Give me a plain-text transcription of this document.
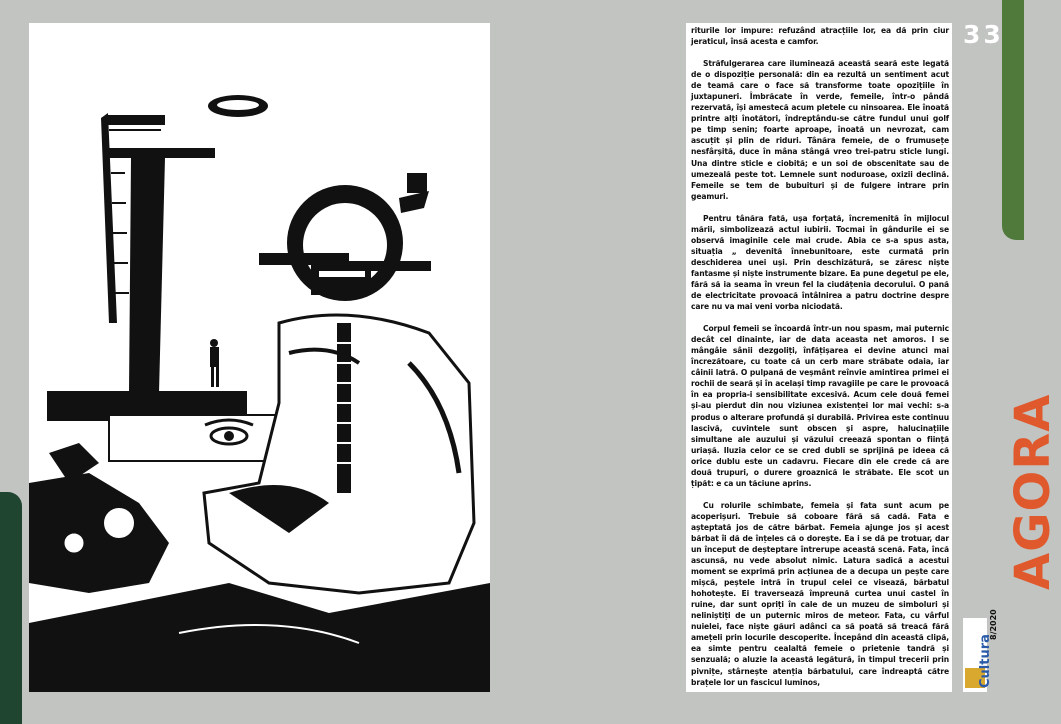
riturile lor impure: refuzând atracțiile lor, ea dă prin ciur jeraticul, însă acesta e camfor.

Străfulgerarea care iluminează această seară este legată de o dispoziție personală: din ea rezultă un sentiment acut de teamă care o face să transforme toate opozițiile în juxtapuneri. Îmbrăcate în verde, femeile, într-o pândă rezervată, își amestecă acum pletele cu ninsoarea. Ele înoată printre alți înotători, îndreptându-se către fundul unui golf pe timp senin; foarte aproape, înoată un nevrozat, cam ascuțit și plin de riduri. Tânăra femeie, de o frumusețe nesfârșită, duce în mâna stângă vreo trei-patru sticle lungi. Una dintre sticle e ciobită; e un soi de obscenitate sau de umezeală peste tot. Lemnele sunt noduroase, oxizii declină. Femeile se tem de bubuituri și de fulgere intrare prin geamuri.

Pentru tânăra fată, ușa forțată, încremenită în mijlocul mării, simbolizează actul iubirii. Tocmai în gândurile ei se observă imaginile cele mai crude. Abia ce s-a spus asta, situația „ devenită înnebunitoare, este curmată prin deschiderea unei uși. Prin deschizătură, se zăresc niște fantasme și niște instrumente bizare. Ea pune degetul pe ele, fără să ia seama în vreun fel la ciudățenia decorului. O pană de electricitate provoacă întâlnirea a patru doctrine despre care nu va mai veni vorba niciodată.

Corpul femeii se încoardă într-un nou spasm, mai puternic decât cel dinainte, iar de data aceasta net amoros. I se mângâie sânii dezgoliți, înfățișarea ei devine atunci mai încrezătoare, cu toate că un cerb mare străbate odaia, iar câinii latră. O pulpană de veșmânt reînvie amintirea primei ei rochii de seară și în același timp ravagiile pe care le provoacă în ea propria-i sensibilitate excesivă. Acum cele două femei și-au pierdut din nou viziunea existenței lor mai vechi: s-a produs o alterare profundă și durabilă. Privirea este continuu lascivă, cuvintele sunt obscen și aspre, halucinațiile simultane ale auzului și văzului creează spontan o ființă uriașă. Iluzia celor ce se cred dubli se sprijină pe ideea că orice dublu este un cadavru. Fiecare din ele crede că are două trupuri, o durere groaznică le străbate. Ele scot un țipăt: e ca un tăciune aprins.

Cu rolurile schimbate, femeia și fata sunt acum pe acoperișuri. Trebuie să coboare fără să cadă. Fata e așteptată jos de către bărbat. Femeia ajunge jos și acest bărbat îi dă de înțeles că o dorește. Ea i se dă pe trotuar, dar un început de deșteptare întrerupe această scenă. Fata, încă ascunsă, nu vede absolut nimic. Latura sadică a acestui moment se exprimă prin acțiunea de a decupa un pește care mișcă, peștele intră în trupul celei ce visează, bărbatul hohotește. Ei traversează împreună curtea unui castel în ruine, dar sunt opriți în cale de un muzeu de simboluri și neliniștiți de un puternic miros de meteor. Fata, cu vârful nuielei, face niște găuri adânci ca să poată să treacă fără amețeli prin locurile descoperite. Începând din această clipă, ea simte pentru cealaltă femeie o prietenie tandră și senzuală; o aluzie la această legătură, în timpul trecerii prin pivnițe, stârnește atenția bărbatului, care îndreaptă către brațele lor un fascicul luminos,

33
AGORA
8/2020
Cultura
